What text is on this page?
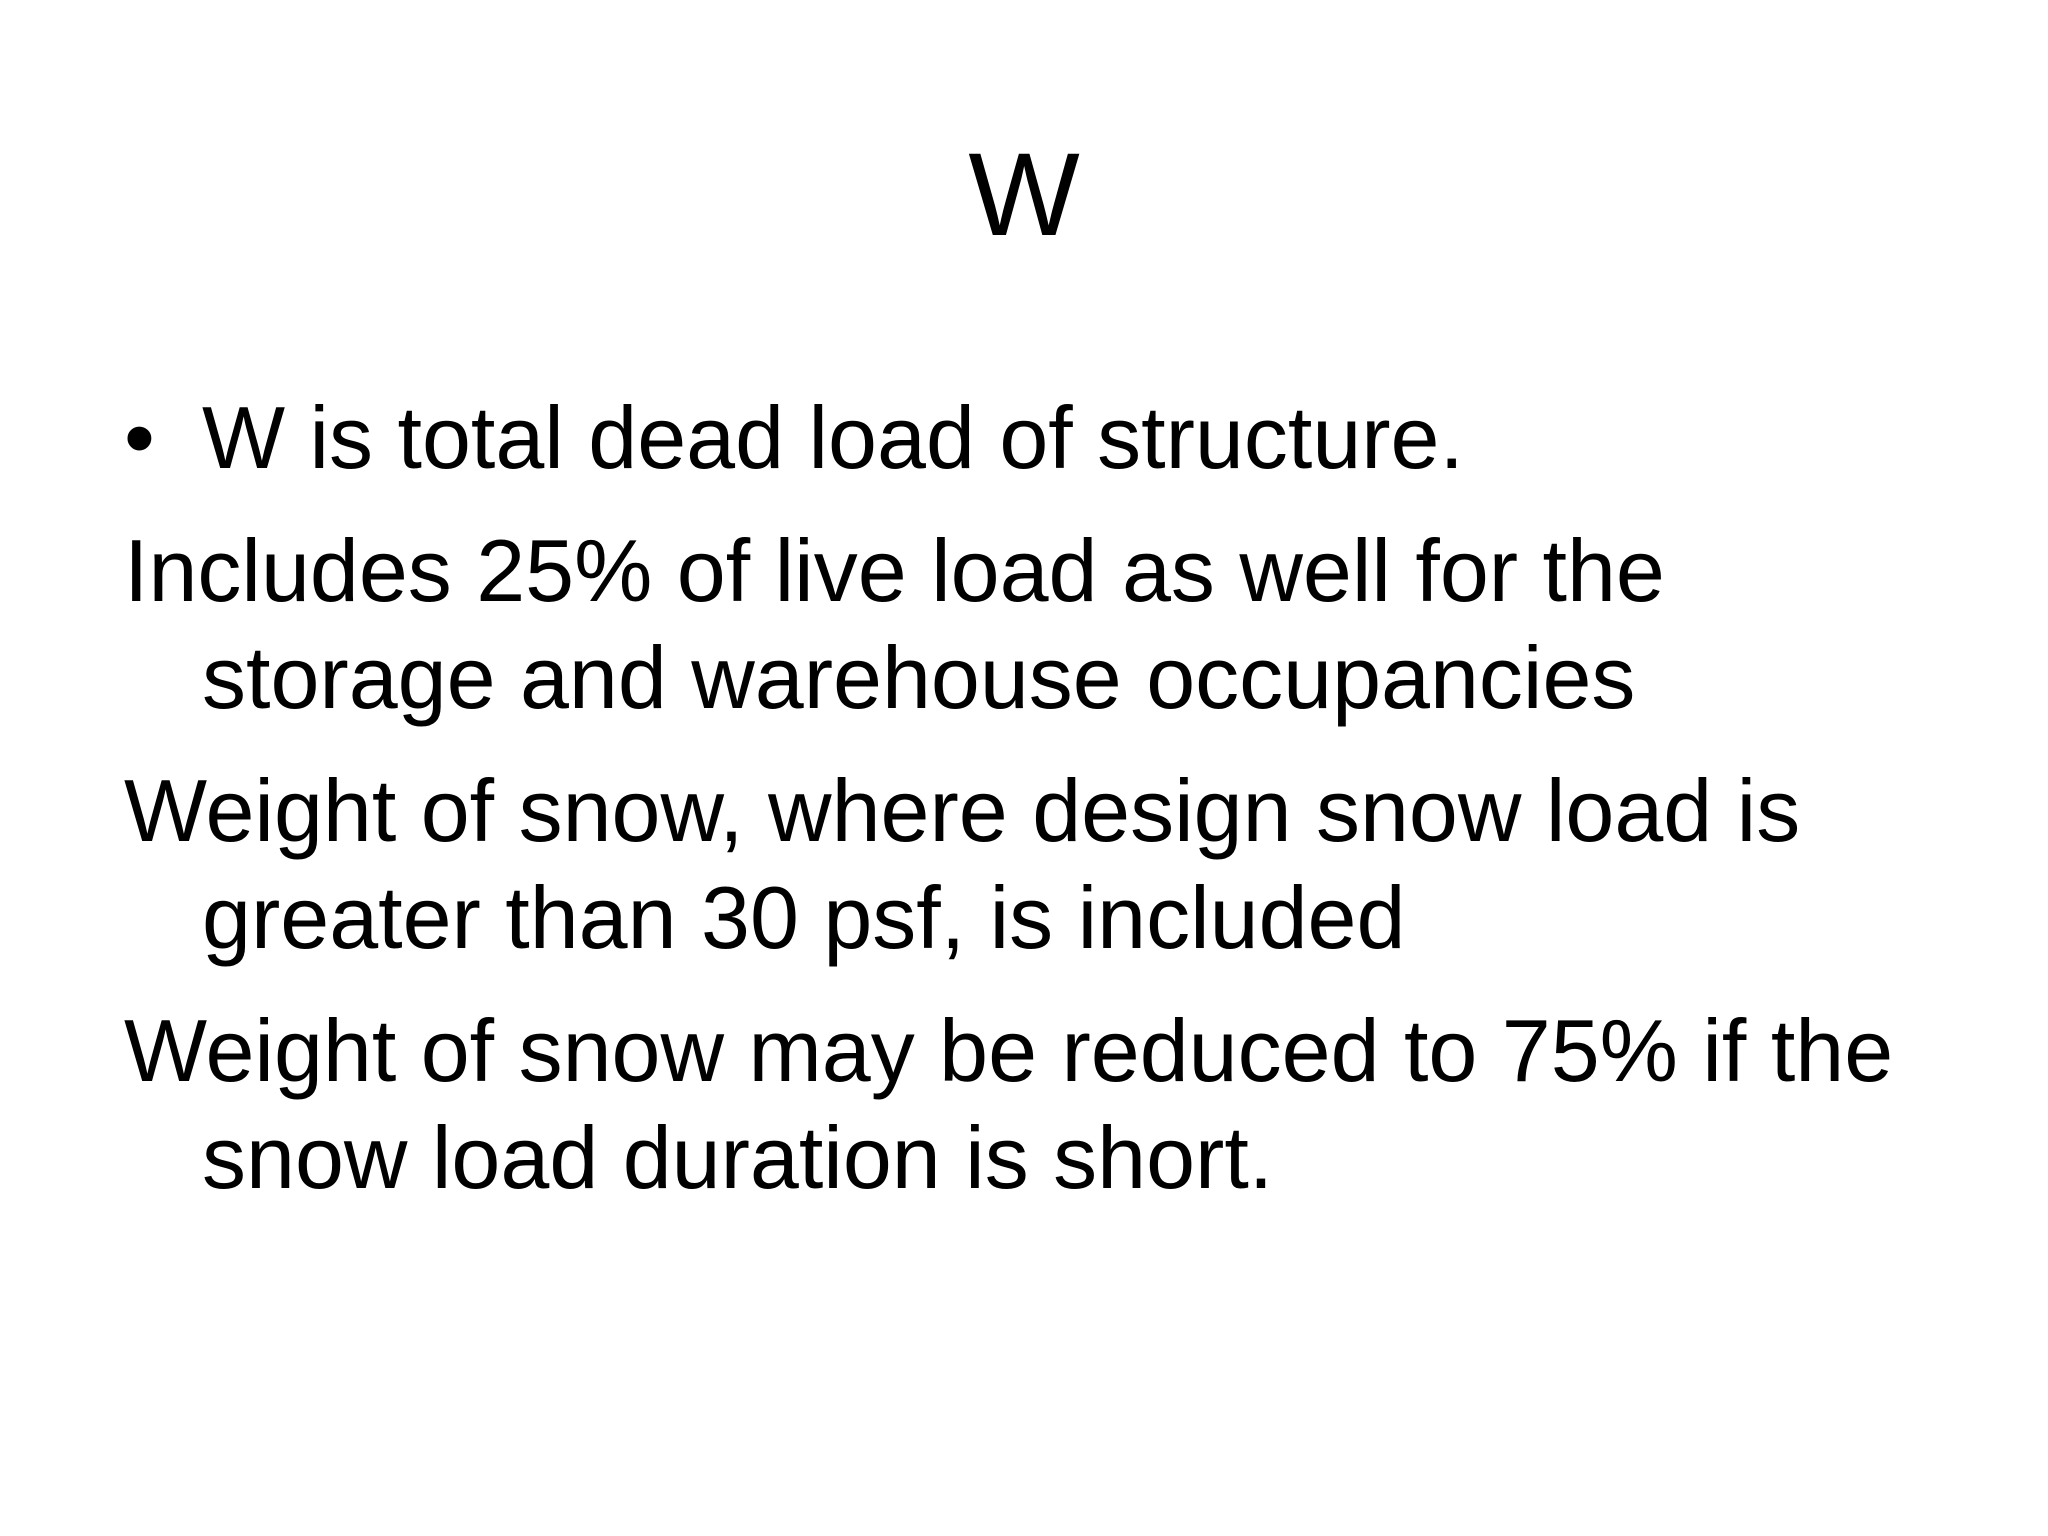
W

• W is total dead load of structure.

Includes 25% of live load as well for the storage and warehouse occupancies

Weight of snow, where design snow load is greater than 30 psf, is included

Weight of snow may be reduced to 75% if the  snow load duration is short.
